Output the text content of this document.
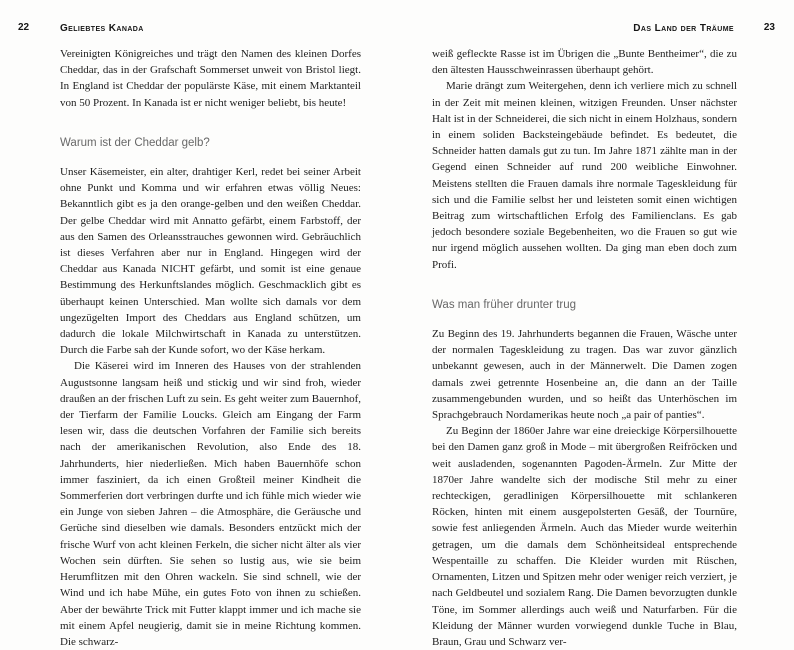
22	Geliebtes Kanada

Vereinigten Königreiches und trägt den Namen des kleinen Dorfes Cheddar, das in der Grafschaft Sommerset unweit von Bristol liegt. In England ist Cheddar der populärste Käse, mit einem Marktanteil von 50 Prozent. In Kanada ist er nicht weniger beliebt, bis heute!

Warum ist der Cheddar gelb?

Unser Käsemeister, ein alter, drahtiger Kerl, redet bei seiner Arbeit ohne Punkt und Komma und wir erfahren etwas völlig Neues: Bekanntlich gibt es ja den orange-gelben und den weißen Cheddar. Der gelbe Cheddar wird mit Annatto gefärbt, einem Farbstoff, der aus den Samen des Orleansstrauches gewonnen wird. Gebräuchlich ist dieses Verfahren aber nur in England. Hingegen wird der Cheddar aus Kanada NICHT gefärbt, und somit ist eine genaue Bestimmung des Herkunftslandes möglich. Geschmacklich gibt es überhaupt keinen Unterschied. Man wollte sich damals vor dem ungezügelten Import des Cheddars aus England schützen, um dadurch die lokale Milchwirtschaft in Kanada zu unterstützen. Durch die Farbe sah der Kunde sofort, wo der Käse herkam.

Die Käserei wird im Inneren des Hauses von der strahlenden Augustsonne langsam heiß und stickig und wir sind froh, wieder draußen an der frischen Luft zu sein. Es geht weiter zum Bauernhof, der Tierfarm der Familie Loucks. Gleich am Eingang der Farm lesen wir, dass die deutschen Vorfahren der Familie sich bereits nach der amerikanischen Revolution, also Ende des 18. Jahrhunderts, hier niederließen. Mich haben Bauernhöfe schon immer fasziniert, da ich einen Großteil meiner Kindheit die Sommerferien dort verbringen durfte und ich fühle mich wieder wie ein Junge von sieben Jahren – die Atmosphäre, die Geräusche und Gerüche sind dieselben wie damals. Besonders entzückt mich der frische Wurf von acht kleinen Ferkeln, die sicher nicht älter als vier Wochen sein dürften. Sie sehen so lustig aus, wie sie beim Herumflitzen mit den Ohren wackeln. Sie sind schnell, wie der Wind und ich habe Mühe, ein gutes Foto von ihnen zu schießen. Aber der bewährte Trick mit Futter klappt immer und ich mache sie mit einem Apfel neugierig, damit sie in meine Richtung kommen. Die schwarz-

Das Land der Träume	23

weiß gefleckte Rasse ist im Übrigen die „Bunte Bentheimer“, die zu den ältesten Hausschweinrassen überhaupt gehört.

Marie drängt zum Weitergehen, denn ich verliere mich zu schnell in der Zeit mit meinen kleinen, witzigen Freunden. Unser nächster Halt ist in der Schneiderei, die sich nicht in einem Holzhaus, sondern in einem soliden Backsteingebäude befindet. Es bedeutet, die Schneider hatten damals gut zu tun. Im Jahre 1871 zählte man in der Gegend einen Schneider auf rund 200 weibliche Einwohner. Meistens stellten die Frauen damals ihre normale Tageskleidung für sich und die Familie selbst her und leisteten somit einen wichtigen Beitrag zum wirtschaftlichen Erfolg des Familienclans. Es gab jedoch besondere soziale Begebenheiten, wo die Frauen so gut wie nur irgend möglich aussehen wollten. Da ging man eben doch zum Profi.

Was man früher drunter trug

Zu Beginn des 19. Jahrhunderts begannen die Frauen, Wäsche unter der normalen Tageskleidung zu tragen. Das war zuvor gänzlich unbekannt gewesen, auch in der Männerwelt. Die Damen zogen damals zwei getrennte Hosenbeine an, die dann an der Taille zusammengebunden wurden, und so heißt das Unterhöschen im Sprachgebrauch Nordamerikas heute noch „a pair of panties“.

Zu Beginn der 1860er Jahre war eine dreieckige Körpersilhouette bei den Damen ganz groß in Mode – mit übergroßen Reifröcken und weit ausladenden, sogenannten Pagoden-Ärmeln. Zur Mitte der 1870er Jahre wandelte sich der modische Stil mehr zu einer rechteckigen, geradlinigen Körpersilhouette mit schlankeren Röcken, hinten mit einem ausgepolsterten Gesäß, der Tournüre, sowie fest anliegenden Ärmeln. Auch das Mieder wurde weiterhin getragen, um die damals dem Schönheitsideal entsprechende Wespentaille zu schaffen. Die Kleider wurden mit Rüschen, Ornamenten, Litzen und Spitzen mehr oder weniger reich verziert, je nach Geldbeutel und sozialem Rang. Die Damen bevorzugten dunkle Töne, im Sommer allerdings auch weiß und Naturfarben. Für die Kleidung der Männer wurden vorwiegend dunkle Tuche in Blau, Braun, Grau und Schwarz ver-
